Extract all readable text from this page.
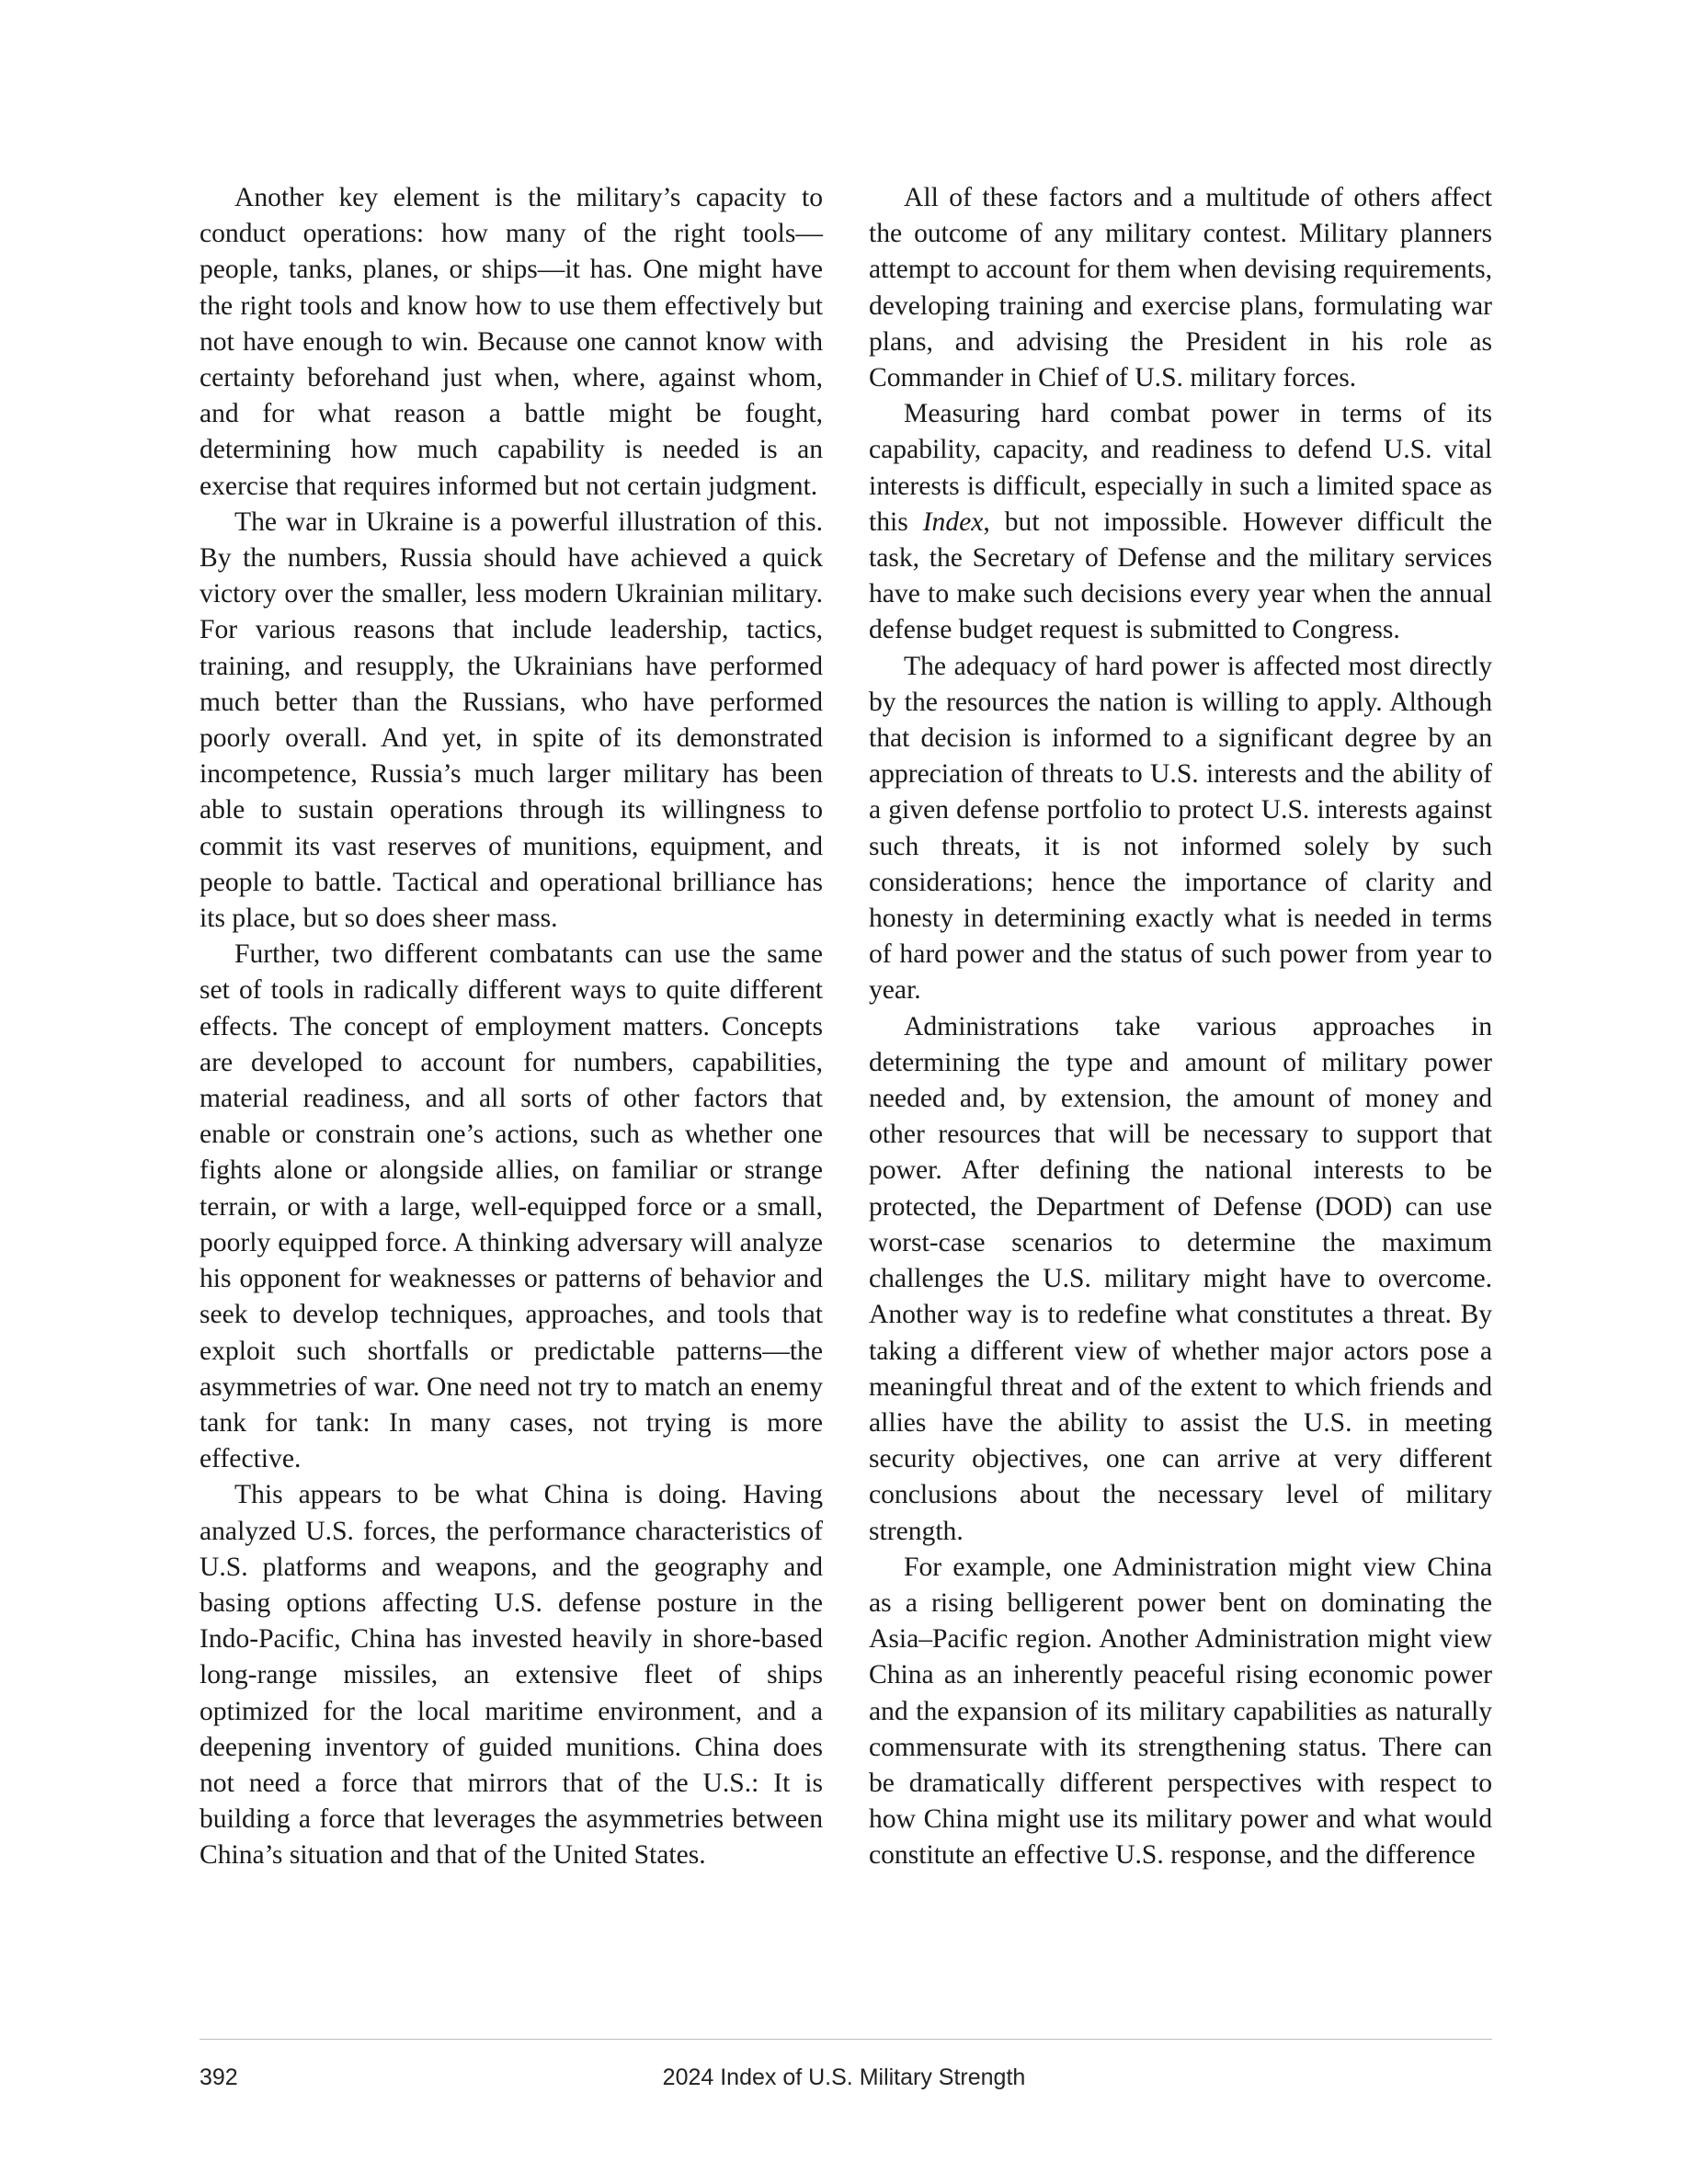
Another key element is the military’s capacity to conduct operations: how many of the right tools—people, tanks, planes, or ships—it has. One might have the right tools and know how to use them effectively but not have enough to win. Because one cannot know with certainty beforehand just when, where, against whom, and for what reason a battle might be fought, determining how much capability is needed is an exercise that requires informed but not certain judgment.

The war in Ukraine is a powerful illustration of this. By the numbers, Russia should have achieved a quick victory over the smaller, less modern Ukrainian military. For various reasons that include leadership, tactics, training, and resupply, the Ukrainians have performed much better than the Russians, who have performed poorly overall. And yet, in spite of its demonstrated incompetence, Russia’s much larger military has been able to sustain operations through its willingness to commit its vast reserves of munitions, equipment, and people to battle. Tactical and operational brilliance has its place, but so does sheer mass.

Further, two different combatants can use the same set of tools in radically different ways to quite different effects. The concept of employment matters. Concepts are developed to account for numbers, capabilities, material readiness, and all sorts of other factors that enable or constrain one’s actions, such as whether one fights alone or alongside allies, on familiar or strange terrain, or with a large, well-equipped force or a small, poorly equipped force. A thinking adversary will analyze his opponent for weaknesses or patterns of behavior and seek to develop techniques, approaches, and tools that exploit such shortfalls or predictable patterns—the asymmetries of war. One need not try to match an enemy tank for tank: In many cases, not trying is more effective.

This appears to be what China is doing. Having analyzed U.S. forces, the performance characteristics of U.S. platforms and weapons, and the geography and basing options affecting U.S. defense posture in the Indo-Pacific, China has invested heavily in shore-based long-range missiles, an extensive fleet of ships optimized for the local maritime environment, and a deepening inventory of guided munitions. China does not need a force that mirrors that of the U.S.: It is building a force that leverages the asymmetries between China’s situation and that of the United States.

All of these factors and a multitude of others affect the outcome of any military contest. Military planners attempt to account for them when devising requirements, developing training and exercise plans, formulating war plans, and advising the President in his role as Commander in Chief of U.S. military forces.

Measuring hard combat power in terms of its capability, capacity, and readiness to defend U.S. vital interests is difficult, especially in such a limited space as this Index, but not impossible. However difficult the task, the Secretary of Defense and the military services have to make such decisions every year when the annual defense budget request is submitted to Congress.

The adequacy of hard power is affected most directly by the resources the nation is willing to apply. Although that decision is informed to a significant degree by an appreciation of threats to U.S. interests and the ability of a given defense portfolio to protect U.S. interests against such threats, it is not informed solely by such considerations; hence the importance of clarity and honesty in determining exactly what is needed in terms of hard power and the status of such power from year to year.

Administrations take various approaches in determining the type and amount of military power needed and, by extension, the amount of money and other resources that will be necessary to support that power. After defining the national interests to be protected, the Department of Defense (DOD) can use worst-case scenarios to determine the maximum challenges the U.S. military might have to overcome. Another way is to redefine what constitutes a threat. By taking a different view of whether major actors pose a meaningful threat and of the extent to which friends and allies have the ability to assist the U.S. in meeting security objectives, one can arrive at very different conclusions about the necessary level of military strength.

For example, one Administration might view China as a rising belligerent power bent on dominating the Asia–Pacific region. Another Administration might view China as an inherently peaceful rising economic power and the expansion of its military capabilities as naturally commensurate with its strengthening status. There can be dramatically different perspectives with respect to how China might use its military power and what would constitute an effective U.S. response, and the difference

392	2024 Index of U.S. Military Strength
